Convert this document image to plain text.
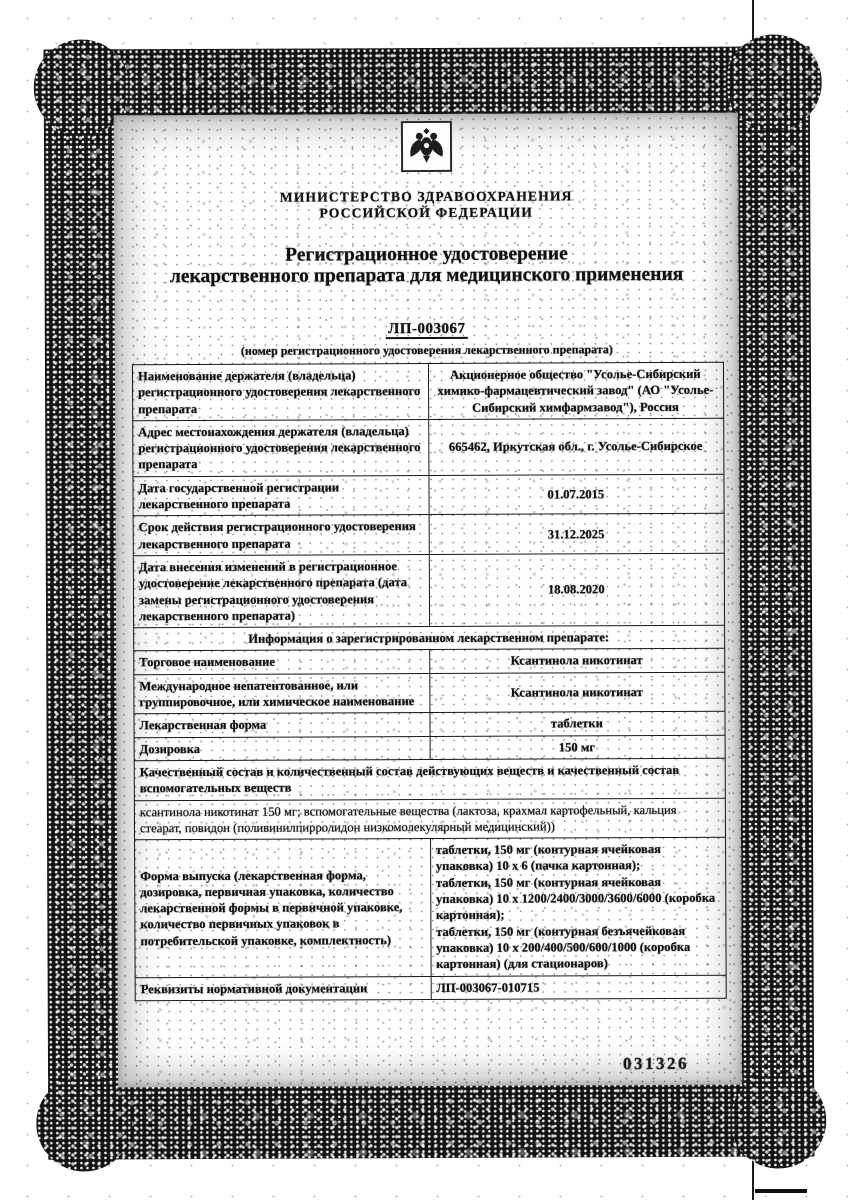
МИНИСТЕРСТВО ЗДРАВООХРАНЕНИЯ
РОССИЙСКОЙ ФЕДЕРАЦИИ
Регистрационное удостоверение
лекарственного препарата для медицинского применения
ЛП-003067
(номер регистрационного удостоверения лекарственного препарата)
Наименование держателя (владельца) регистрационного удостоверения лекарственного препарата	Акционерное общество "Усолье-Сибирский химико-фармацевтический завод" (АО "Усолье-Сибирский химфармзавод"), Россия
Адрес местонахождения держателя (владельца) регистрационного удостоверения лекарственного препарата	665462, Иркутская обл., г. Усолье-Сибирское
Дата государственной регистрации лекарственного препарата	01.07.2015
Срок действия регистрационного удостоверения лекарственного препарата	31.12.2025
Дата внесения изменений в регистрационное удостоверение лекарственного препарата (дата замены регистрационного удостоверения лекарственного препарата)	18.08.2020
Информация о зарегистрированном лекарственном препарате:	
Торговое наименование	Ксантинола никотинат
Международное непатентованное, или группировочное, или химическое наименование	Ксантинола никотинат
Лекарственная форма	таблетки
Дозировка	150 мг
Качественный состав и количественный состав действующих веществ и качественный состав вспомогательных веществ	
ксантинола никотинат 150 мг; вспомогательные вещества (лактоза, крахмал картофельный, кальция стеарат, повидон (поливинилпирролидон низкомолекулярный медицинский))	
Форма выпуска (лекарственная форма, дозировка, первичная упаковка, количество лекарственной формы в первичной упаковке, количество первичных упаковок в потребительской упаковке, комплектность)	таблетки, 150 мг (контурная ячейковая упаковка) 10 х 6 (пачка картонная);
таблетки, 150 мг (контурная ячейковая упаковка) 10 х 1200/2400/3000/3600/6000 (коробка картонная);
таблетки, 150 мг (контурная безъячейковая упаковка) 10 х 200/400/500/600/1000 (коробка картонная) (для стационаров)

Реквизиты нормативной документации	ЛП-003067-010715
031326
